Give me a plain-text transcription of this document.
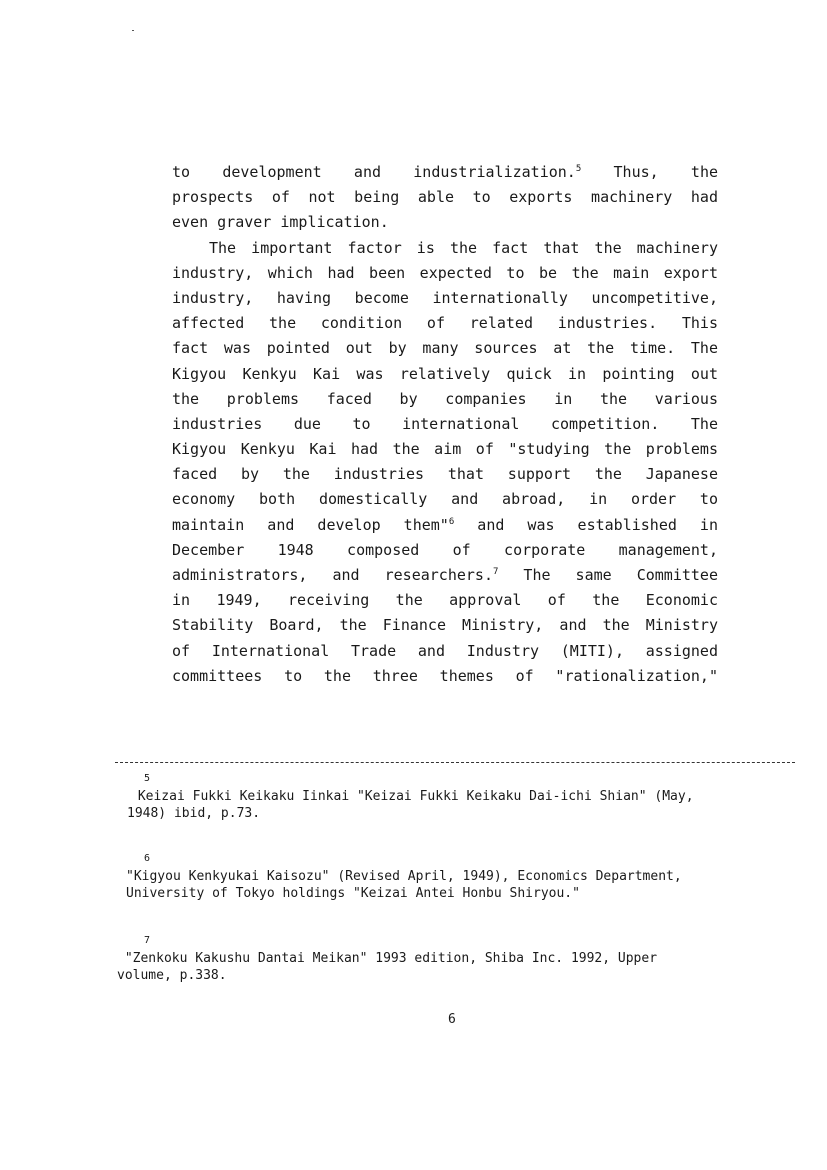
to development and industrialization.$^5$ Thus, the
prospects of not being able to exports machinery had
even graver implication.
The important factor is the fact that the machinery
industry, which had been expected to be the main export
industry, having become internationally uncompetitive,
affected the condition of related industries. This
fact was pointed out by many sources at the time. The
Kigyou Kenkyu Kai was relatively quick in pointing out
the problems faced by companies in the various
industries due to international competition. The
Kigyou Kenkyu Kai had the aim of "studying the problems
faced by the industries that support the Japanese
economy both domestically and abroad, in order to
maintain and develop them"$^6$ and was established in
December 1948 composed of corporate management,
administrators, and researchers.$^7$ The same Committee
in 1949, receiving the approval of the Economic
Stability Board, the Finance Ministry, and the Ministry
of International Trade and Industry (MITI), assigned
committees to the three themes of "rationalization,"
5
Keizai Fukki Keikaku Iinkai "Keizai Fukki Keikaku Dai-ichi Shian" (May,
1948) ibid, p.73.
6
"Kigyou Kenkyukai Kaisozu" (Revised April, 1949), Economics Department,
University of Tokyo holdings "Keizai Antei Honbu Shiryou."
7
"Zenkoku Kakushu Dantai Meikan" 1993 edition, Shiba Inc. 1992, Upper
volume, p.338.
6
